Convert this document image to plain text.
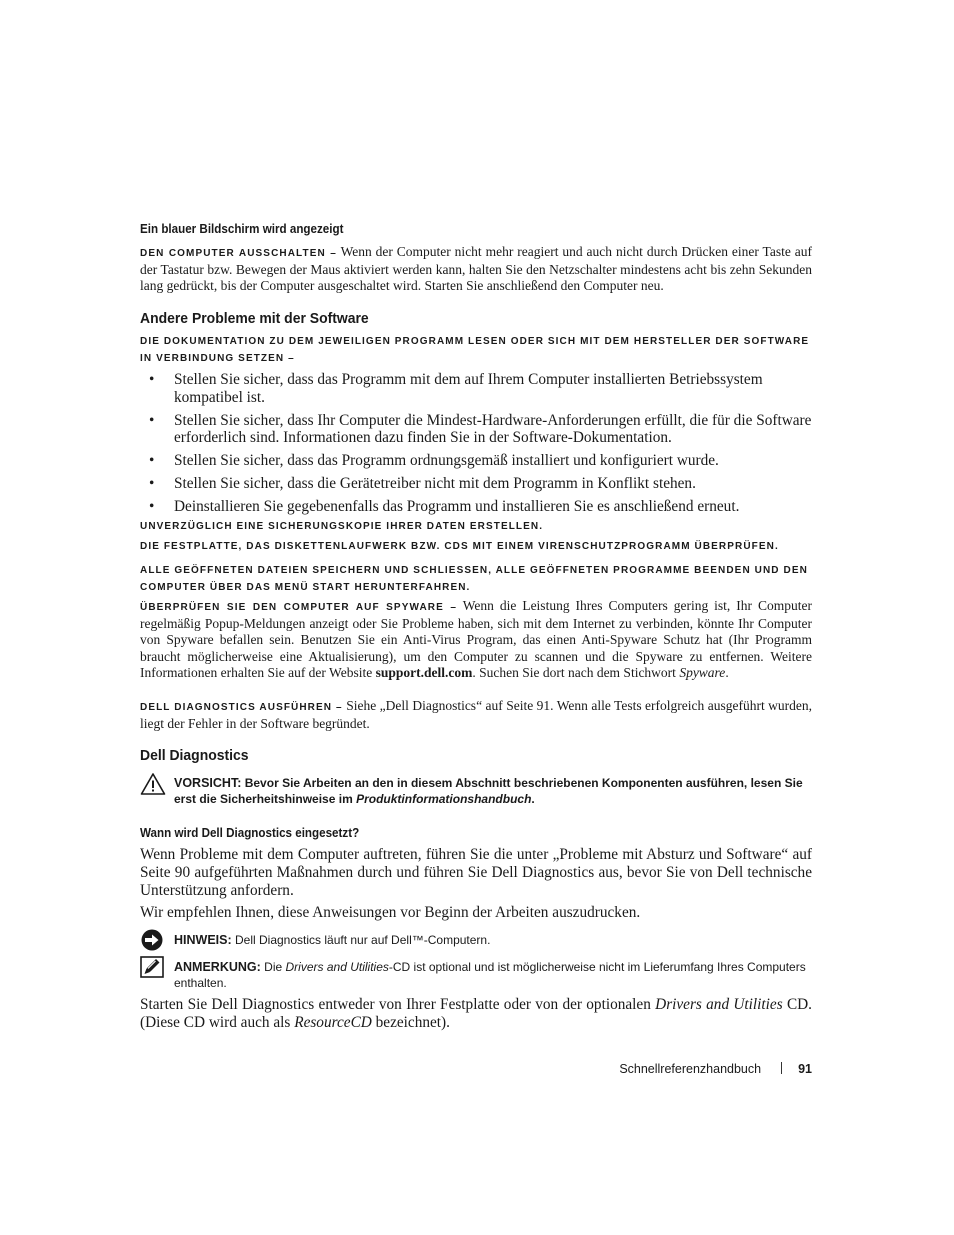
Ein blauer Bildschirm wird angezeigt
DEN COMPUTER AUSSCHALTEN – Wenn der Computer nicht mehr reagiert und auch nicht durch Drücken einer Taste auf der Tastatur bzw. Bewegen der Maus aktiviert werden kann, halten Sie den Netzschalter mindestens acht bis zehn Sekunden lang gedrückt, bis der Computer ausgeschaltet wird. Starten Sie anschließend den Computer neu.
Andere Probleme mit der Software
DIE DOKUMENTATION ZU DEM JEWEILIGEN PROGRAMM LESEN ODER SICH MIT DEM HERSTELLER DER SOFTWARE IN VERBINDUNG SETZEN –
• Stellen Sie sicher, dass das Programm mit dem auf Ihrem Computer installierten Betriebssystem kompatibel ist.
• Stellen Sie sicher, dass Ihr Computer die Mindest-Hardware-Anforderungen erfüllt, die für die Software erforderlich sind. Informationen dazu finden Sie in der Software-Dokumentation.
• Stellen Sie sicher, dass das Programm ordnungsgemäß installiert und konfiguriert wurde.
• Stellen Sie sicher, dass die Gerätetreiber nicht mit dem Programm in Konflikt stehen.
• Deinstallieren Sie gegebenenfalls das Programm und installieren Sie es anschließend erneut.
UNVERZÜGLICH EINE SICHERUNGSKOPIE IHRER DATEN ERSTELLEN.
DIE FESTPLATTE, DAS DISKETTENLAUFWERK BZW. CDS MIT EINEM VIRENSCHUTZPROGRAMM ÜBERPRÜFEN.
ALLE GEÖFFNETEN DATEIEN SPEICHERN UND SCHLIESSEN, ALLE GEÖFFNETEN PROGRAMME BEENDEN UND DEN COMPUTER ÜBER DAS MENÜ START HERUNTERFAHREN.
ÜBERPRÜFEN SIE DEN COMPUTER AUF SPYWARE – Wenn die Leistung Ihres Computers gering ist, Ihr Computer regelmäßig Popup-Meldungen anzeigt oder Sie Probleme haben, sich mit dem Internet zu verbinden, könnte Ihr Computer von Spyware befallen sein. Benutzen Sie ein Anti-Virus Program, das einen Anti-Spyware Schutz hat (Ihr Programm braucht möglicherweise eine Aktualisierung), um den Computer zu scannen und die Spyware zu entfernen. Weitere Informationen erhalten Sie auf der Website support.dell.com. Suchen Sie dort nach dem Stichwort Spyware.
DELL DIAGNOSTICS AUSFÜHREN – Siehe „Dell Diagnostics“ auf Seite 91. Wenn alle Tests erfolgreich ausgeführt wurden, liegt der Fehler in der Software begründet.
Dell Diagnostics
VORSICHT: Bevor Sie Arbeiten an den in diesem Abschnitt beschriebenen Komponenten ausführen, lesen Sie erst die Sicherheitshinweise im Produktinformationshandbuch.
Wann wird Dell Diagnostics eingesetzt?
Wenn Probleme mit dem Computer auftreten, führen Sie die unter „Probleme mit Absturz und Software“ auf Seite 90 aufgeführten Maßnahmen durch und führen Sie Dell Diagnostics aus, bevor Sie von Dell technische Unterstützung anfordern.
Wir empfehlen Ihnen, diese Anweisungen vor Beginn der Arbeiten auszudrucken.
HINWEIS: Dell Diagnostics läuft nur auf Dell™-Computern.
ANMERKUNG: Die Drivers and Utilities-CD ist optional und ist möglicherweise nicht im Lieferumfang Ihres Computers enthalten.
Starten Sie Dell Diagnostics entweder von Ihrer Festplatte oder von der optionalen Drivers and Utilities CD. (Diese CD wird auch als ResourceCD bezeichnet).
Schnellreferenzhandbuch	91
